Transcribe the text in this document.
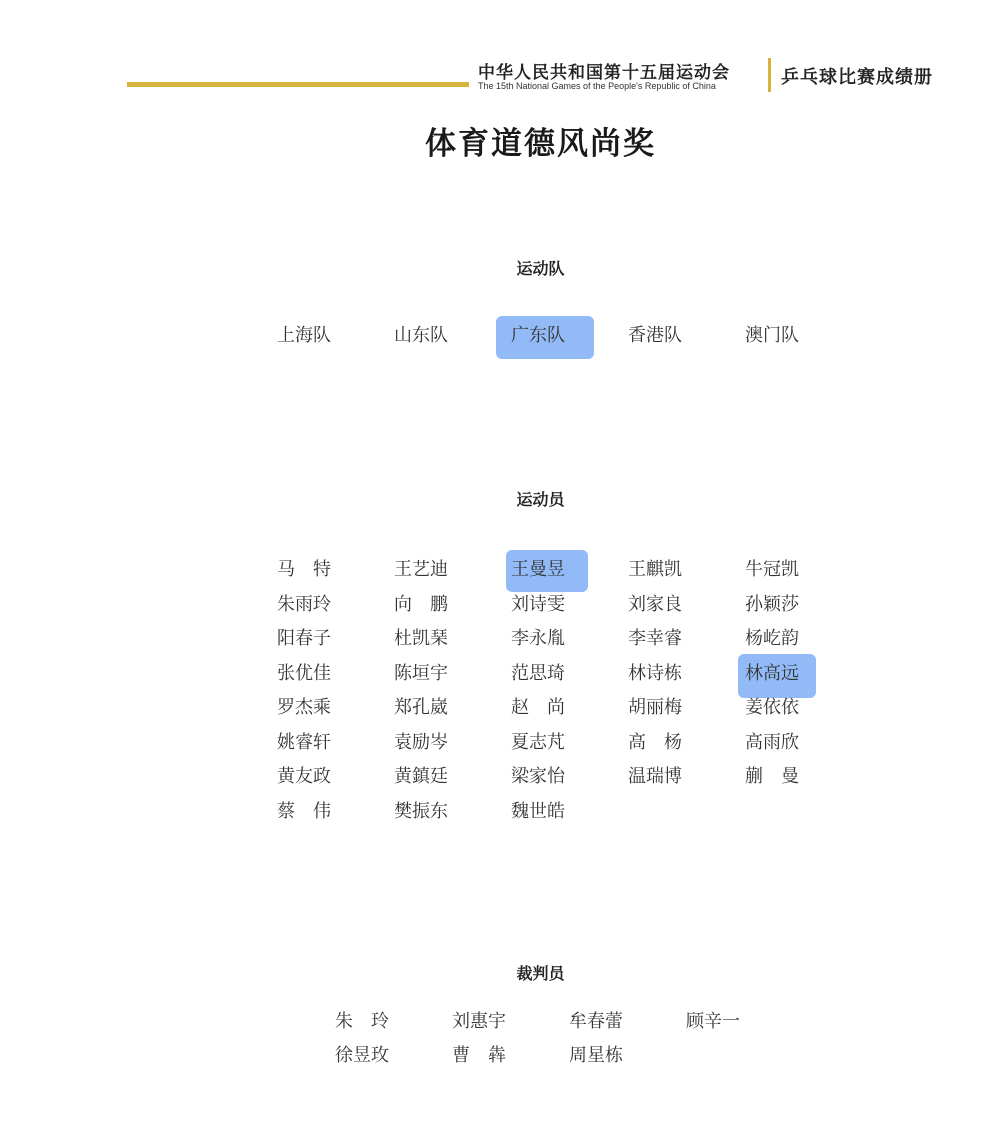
中华人民共和国第十五届运动会
The 15th National Games of the People's Republic of China	乒乓球比赛成绩册
体育道德风尚奖
运动队
上海队	山东队	广东队	香港队	澳门队
运动员
马　特	王艺迪	王曼昱	王麒凯	牛冠凯
朱雨玲	向　鹏	刘诗雯	刘家良	孙颖莎
阳春子	杜凯琹	李永胤	李幸睿	杨屹韵
张优佳	陈垣宇	范思琦	林诗栋	林高远
罗杰乘	郑孔崴	赵　尚	胡丽梅	姜依依
姚睿轩	袁励岑	夏志芃	高　杨	高雨欣
黄友政	黄鎮廷	梁家怡	温瑞博	蒯　曼
蔡　伟	樊振东	魏世皓
裁判员
朱　玲	刘惠宇	牟春蕾	顾辛一
徐昱玫	曹　犇	周星栋
